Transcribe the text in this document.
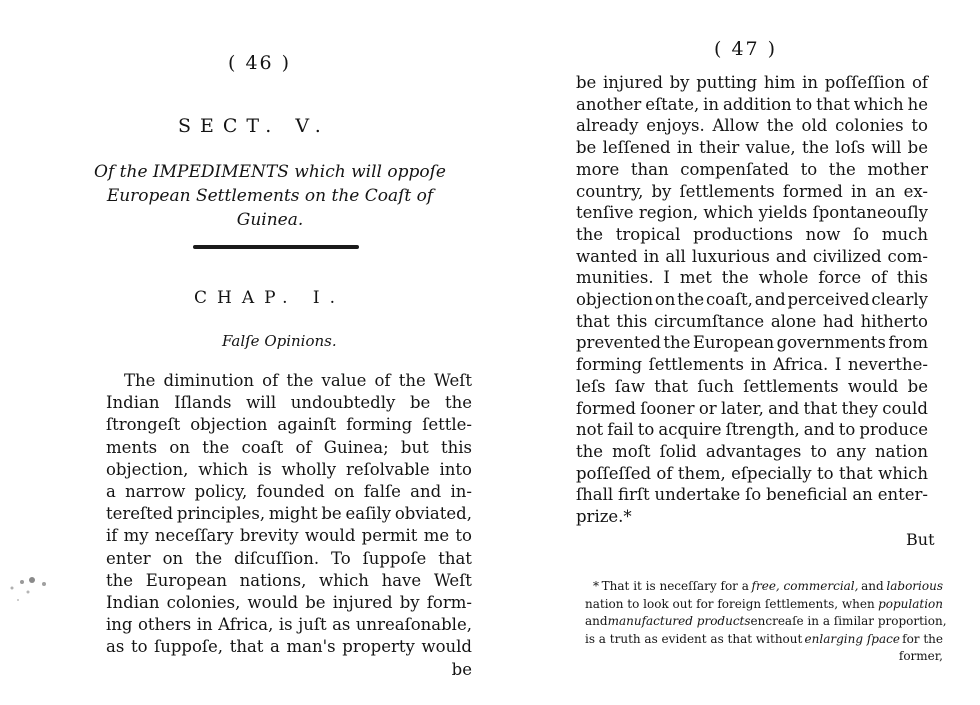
( 46 )
SECT. V.
Of the IMPEDIMENTS which will oppoſe
European Settlements on the Coaſt of Guinea.
CHAP. I.
Falſe Opinions.
The diminution of the value of the Weſt
Indian Iſlands will undoubtedly be the
ſtrongeſt objection againſt forming ſettle-
ments on the coaſt of Guinea; but this
objection, which is wholly reſolvable into
a narrow policy, founded on falſe and in-
tereſted principles, might be eaſily obviated,
if my neceſſary brevity would permit me to
enter on the diſcuſſion. To ſuppoſe that
the European nations, which have Weſt
Indian colonies, would be injured by form-
ing others in Africa, is juſt as unreaſonable,
as to ſuppoſe, that a man's property would
be
( 47 )
be injured by putting him in poſſeſſion of
another eſtate, in addition to that which he
already enjoys. Allow the old colonies to
be leſſened in their value, the loſs will be
more than compenſated to the mother
country, by ſettlements formed in an ex-
tenſive region, which yields ſpontaneouſly
the tropical productions now ſo much
wanted in all luxurious and civilized com-
munities. I met the whole force of this
objection on the coaſt, and perceived clearly
that this circumſtance alone had hitherto
prevented the European governments from
forming ſettlements in Africa. I neverthe-
leſs ſaw that ſuch ſettlements would be
formed ſooner or later, and that they could
not fail to acquire ſtrength, and to produce
the moſt ſolid advantages to any nation
poſſeſſed of them, eſpecially to that which
ſhall firſt undertake ſo beneficial an enter-
prize.*
But
* That it is neceſſary for a free, commercial, and laborious
nation to look out for foreign ſettlements, when population
and manufactured products encreaſe in a ſimilar proportion,
is a truth as evident as that without enlarging ſpace for the
former,
